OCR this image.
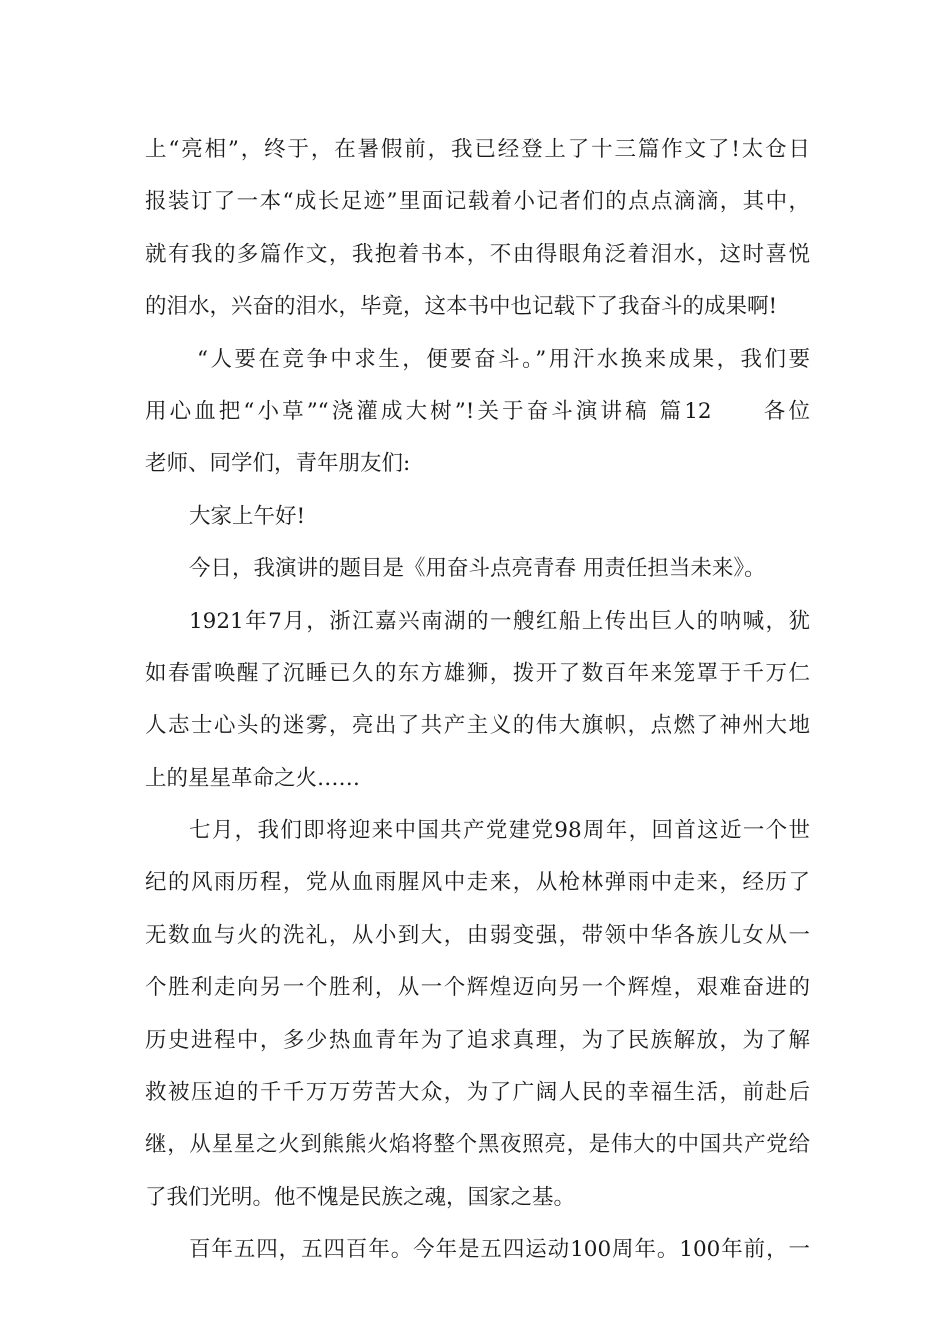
上“亮相”，终于，在暑假前，我已经登上了十三篇作文了!太仓日
报装订了一本“成长足迹”里面记载着小记者们的点点滴滴，其中，
就有我的多篇作文，我抱着书本，不由得眼角泛着泪水，这时喜悦
的泪水，兴奋的泪水，毕竟，这本书中也记载下了我奋斗的成果啊!
“人要在竞争中求生，便要奋斗。”用汗水换来成果，我们要
用心血把“小草”“浇灌成大树”!关于奋斗演讲稿 篇12　　各位
老师、同学们，青年朋友们:
大家上午好!
今日，我演讲的题目是《用奋斗点亮青春 用责任担当未来》。
1921年7月，浙江嘉兴南湖的一艘红船上传出巨人的呐喊，犹
如春雷唤醒了沉睡已久的东方雄狮，拨开了数百年来笼罩于千万仁
人志士心头的迷雾，亮出了共产主义的伟大旗帜，点燃了神州大地
上的星星革命之火……
七月，我们即将迎来中国共产党建党98周年，回首这近一个世
纪的风雨历程，党从血雨腥风中走来，从枪林弹雨中走来，经历了
无数血与火的洗礼，从小到大，由弱变强，带领中华各族儿女从一
个胜利走向另一个胜利，从一个辉煌迈向另一个辉煌，艰难奋进的
历史进程中，多少热血青年为了追求真理，为了民族解放，为了解
救被压迫的千千万万劳苦大众，为了广阔人民的幸福生活，前赴后
继，从星星之火到熊熊火焰将整个黑夜照亮，是伟大的中国共产党给
了我们光明。他不愧是民族之魂，国家之基。
百年五四，五四百年。今年是五四运动100周年。100年前，一
